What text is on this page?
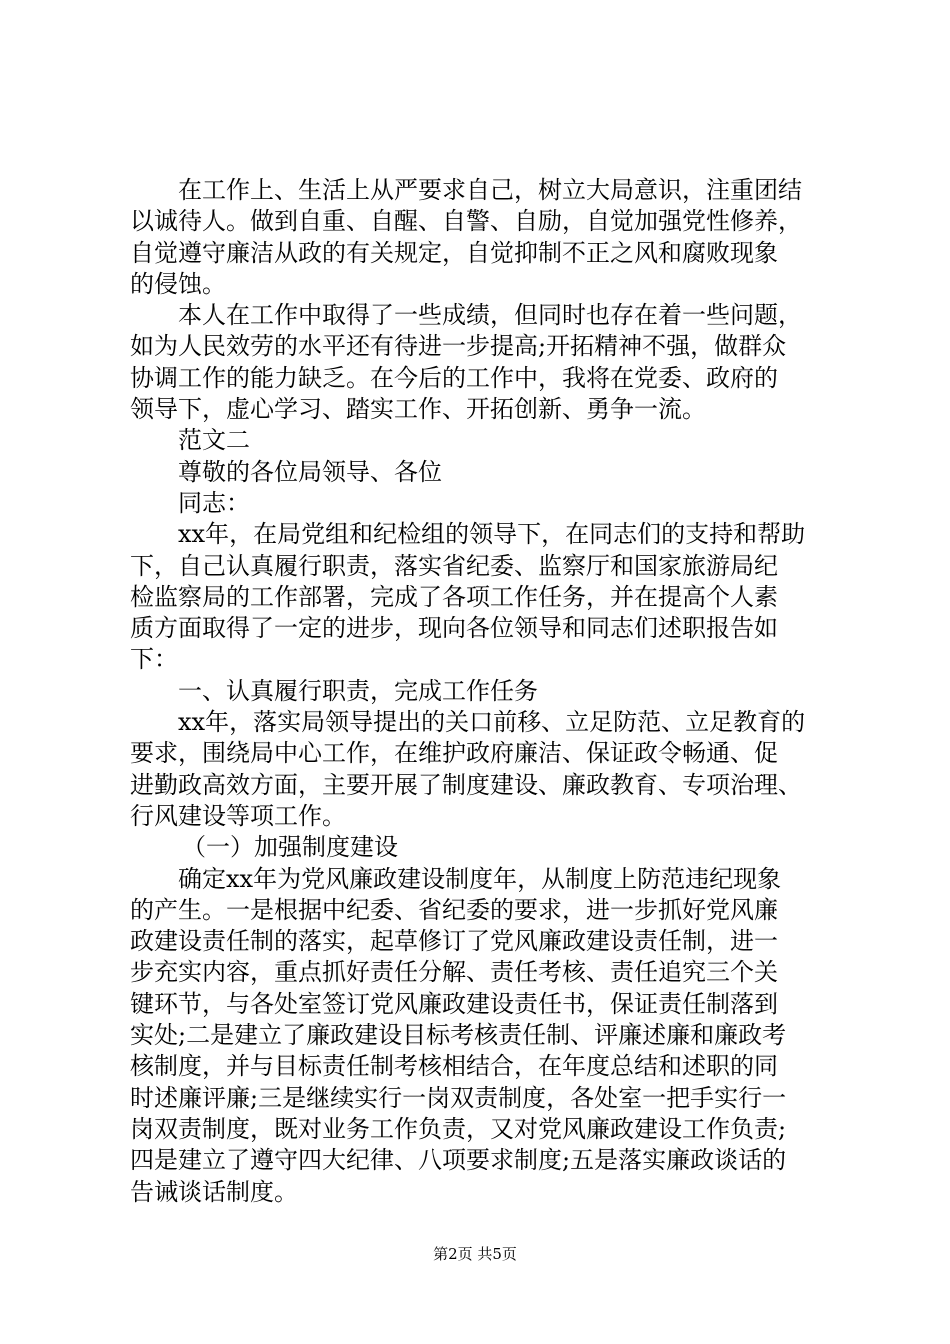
在工作上、生活上从严要求自己，树立大局意识，注重团结
以诚待人。做到自重、自醒、自警、自励，自觉加强党性修养，
自觉遵守廉洁从政的有关规定，自觉抑制不正之风和腐败现象
的侵蚀。
本人在工作中取得了一些成绩，但同时也存在着一些问题，
如为人民效劳的水平还有待进一步提高;开拓精神不强，做群众
协调工作的能力缺乏。在今后的工作中，我将在党委、政府的
领导下，虚心学习、踏实工作、开拓创新、勇争一流。
范文二
尊敬的各位局领导、各位
同志：
xx年，在局党组和纪检组的领导下，在同志们的支持和帮助
下，自己认真履行职责，落实省纪委、监察厅和国家旅游局纪
检监察局的工作部署，完成了各项工作任务，并在提高个人素
质方面取得了一定的进步，现向各位领导和同志们述职报告如
下：
一、认真履行职责，完成工作任务
xx年，落实局领导提出的关口前移、立足防范、立足教育的
要求，围绕局中心工作，在维护政府廉洁、保证政令畅通、促
进勤政高效方面，主要开展了制度建设、廉政教育、专项治理、
行风建设等项工作。
（一）加强制度建设
确定xx年为党风廉政建设制度年，从制度上防范违纪现象
的产生。一是根据中纪委、省纪委的要求，进一步抓好党风廉
政建设责任制的落实，起草修订了党风廉政建设责任制，进一
步充实内容，重点抓好责任分解、责任考核、责任追究三个关
键环节，与各处室签订党风廉政建设责任书，保证责任制落到
实处;二是建立了廉政建设目标考核责任制、评廉述廉和廉政考
核制度，并与目标责任制考核相结合，在年度总结和述职的同
时述廉评廉;三是继续实行一岗双责制度，各处室一把手实行一
岗双责制度，既对业务工作负责，又对党风廉政建设工作负责;
四是建立了遵守四大纪律、八项要求制度;五是落实廉政谈话的
告诫谈话制度。
第2页 共5页
